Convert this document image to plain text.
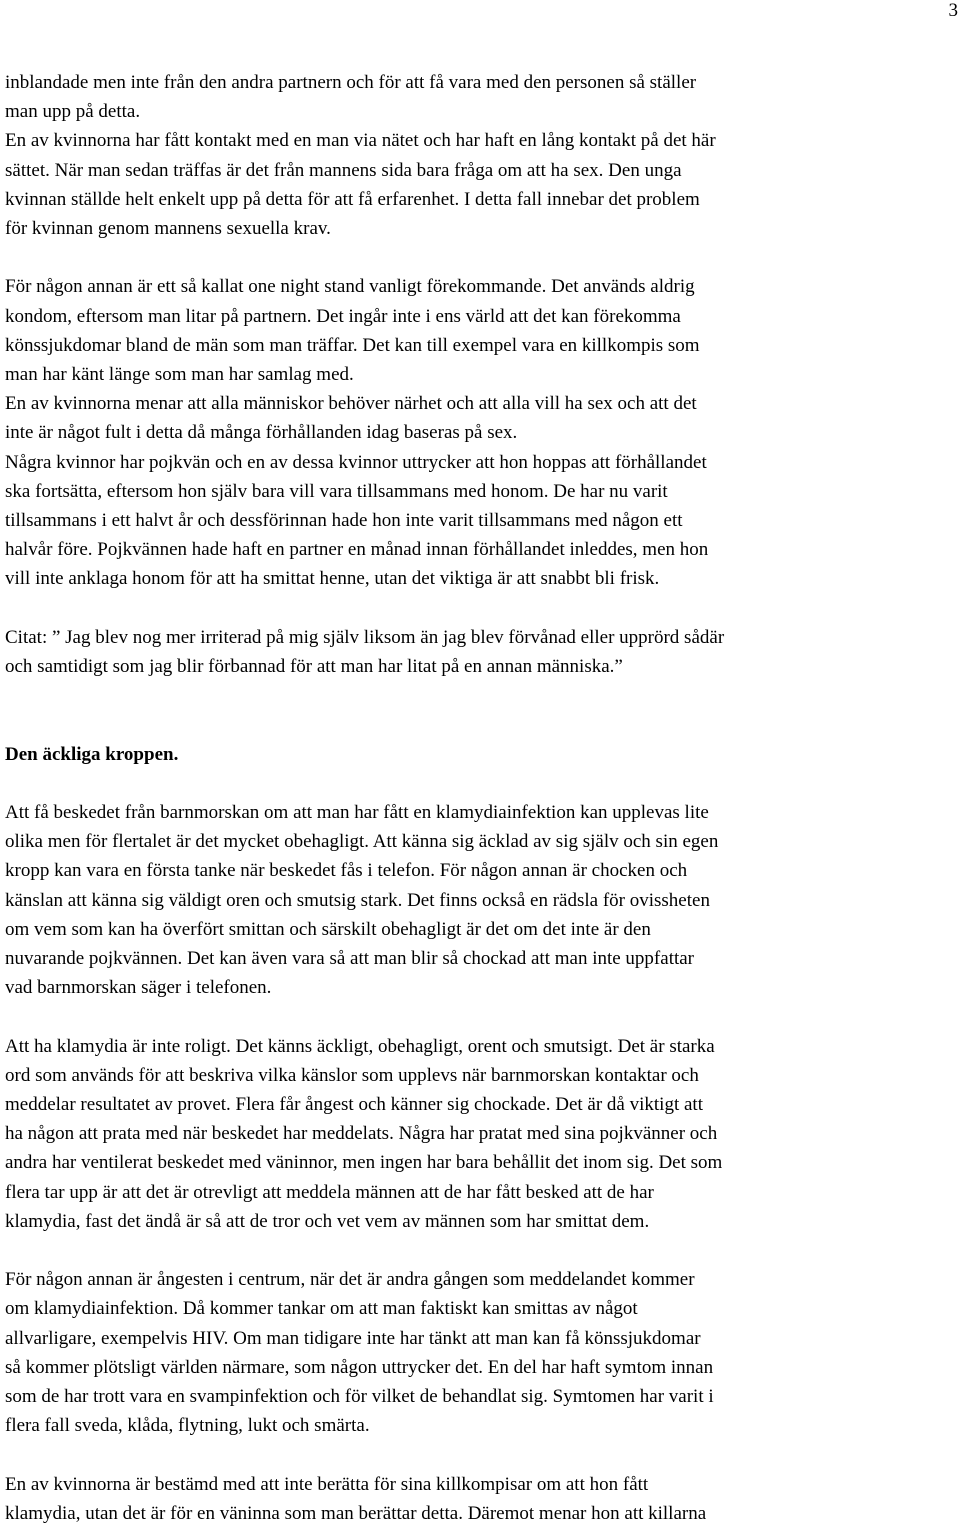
3

inblandade men inte från den andra partnern och för att få vara med den personen så ställer
man upp på detta.
En av kvinnorna har fått kontakt med en man via nätet och har haft en lång kontakt på det här
sättet. När man sedan träffas är det från mannens sida bara fråga om att ha sex. Den unga
kvinnan ställde helt enkelt upp på detta för att få erfarenhet. I detta fall innebar det problem
för kvinnan genom mannens sexuella krav.

För någon annan är ett så kallat one night stand vanligt förekommande. Det används aldrig
kondom, eftersom man litar på partnern. Det ingår inte i ens värld att det kan förekomma
könssjukdomar bland de män som man träffar. Det kan till exempel vara en killkompis som
man har känt länge som man har samlag med.
En av kvinnorna menar att alla människor behöver närhet och att alla vill ha sex och att det
inte är något fult i detta då många förhållanden idag baseras på sex.
Några kvinnor har pojkvän och en av dessa kvinnor uttrycker att hon hoppas att förhållandet
ska fortsätta, eftersom hon själv bara vill vara tillsammans med honom. De har nu varit
tillsammans i ett halvt år och dessförinnan hade hon inte varit tillsammans med någon ett
halvår före. Pojkvännen hade haft en partner en månad innan förhållandet inleddes, men hon
vill inte anklaga honom för att ha smittat henne, utan det viktiga är att snabbt bli frisk.

Citat: ” Jag blev nog mer irriterad på mig själv liksom än jag blev förvånad eller upprörd sådär
och samtidigt som jag blir förbannad för att man har litat på en annan människa.”

Den äckliga kroppen.

Att få beskedet från barnmorskan om att man har fått en klamydiainfektion kan upplevas lite
olika men för flertalet är det mycket obehagligt. Att känna sig äcklad av sig själv och sin egen
kropp kan vara en första tanke när beskedet fås i telefon. För någon annan är chocken och
känslan att känna sig väldigt oren och smutsig stark. Det finns också en rädsla för ovissheten
om vem som kan ha överfört smittan och särskilt obehagligt är det om det inte är den
nuvarande pojkvännen. Det kan även vara så att man blir så chockad att man inte uppfattar
vad barnmorskan säger i telefonen.

Att ha klamydia är inte roligt. Det känns äckligt, obehagligt, orent och smutsigt. Det är starka
ord som används för att beskriva vilka känslor som upplevs när barnmorskan kontaktar och
meddelar resultatet av provet. Flera får ångest och känner sig chockade. Det är då viktigt att
ha någon att prata med när beskedet har meddelats. Några har pratat med sina pojkvänner och
andra har ventilerat beskedet med väninnor, men ingen har bara behållit det inom sig. Det som
flera tar upp är att det är otrevligt att meddela männen att de har fått besked att de har
klamydia, fast det ändå är så att de tror och vet vem av männen som har smittat dem.

För någon annan är ångesten i centrum, när det är andra gången som meddelandet kommer
om klamydiainfektion. Då kommer tankar om att man faktiskt kan smittas av något
allvarligare, exempelvis HIV. Om man tidigare inte har tänkt att man kan få könssjukdomar
så kommer plötsligt världen närmare, som någon uttrycker det. En del har haft symtom innan
som de har trott vara en svampinfektion och för vilket de behandlat sig. Symtomen har varit i
flera fall sveda, klåda, flytning, lukt och smärta.

En av kvinnorna är bestämd med att inte berätta för sina killkompisar om att hon fått
klamydia, utan det är för en väninna som man berättar detta. Däremot menar hon att killarna
